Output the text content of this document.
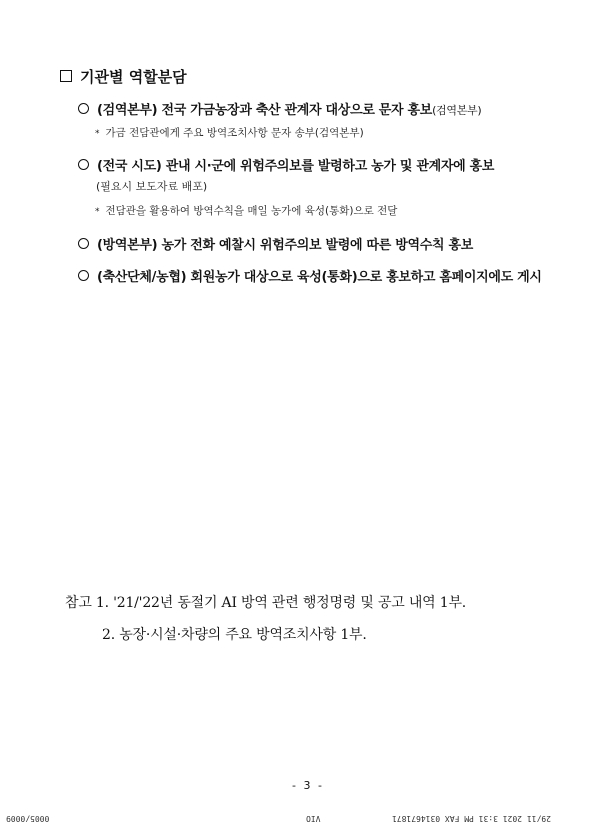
기관별 역할분담
(검역본부) 전국 가금농장과 축산 관계자 대상으로 문자 홍보(검역본부)
* 가금 전담관에게 주요 방역조치사항 문자 송부(검역본부)
(전국 시도) 관내 시·군에 위험주의보를 발령하고 농가 및 관계자에 홍보
(필요시 보도자료 배포)
* 전담관을 활용하여 방역수칙을 매일 농가에 육성(통화)으로 전달
(방역본부) 농가 전화 예찰시 위험주의보 발령에 따른 방역수칙 홍보
(축산단체/농협) 회원농가 대상으로 육성(통화)으로 홍보하고 홈페이지에도 게시
참고 1. '21/'22년 동절기 AI 방역 관련 행정명령 및 공고 내역 1부.
2. 농장·시설·차량의 주요 방역조치사항 1부.
- 3 -
0005/0009	VIO	29/11 2021 3:31 PM FAX 0314671871
